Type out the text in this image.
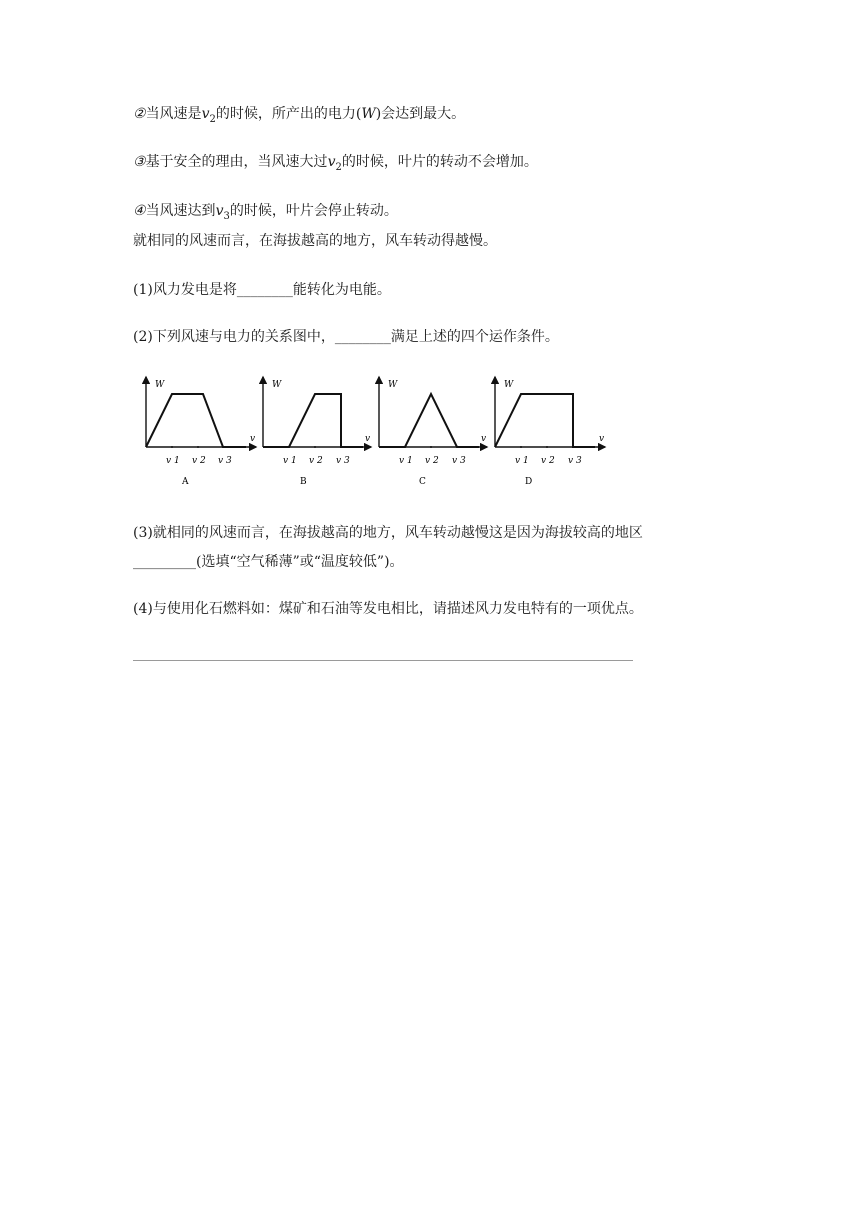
②当风速是$v_2$的时候，所产出的电力(W)会达到最大。
③基于安全的理由，当风速大过$v_2$的时候，叶片的转动不会增加。
④当风速达到$v_3$的时候，叶片会停止转动。
就相同的风速而言，在海拔越高的地方，风车转动得越慢。
(1)风力发电是将________能转化为电能。
(2)下列风速与电力的关系图中，________满足上述的四个运作条件。
W
v
v 1 v 2 v 3
A
W
v
v 1 v 2 v 3
B
W
v
v 1 v 2 v 3
C
W
v
v 1 v 2 v 3
D
(3)就相同的风速而言，在海拔越高的地方，风车转动越慢这是因为海拔较高的地区
_________(选填“空气稀薄”或“温度较低”)。
(4)与使用化石燃料如：煤矿和石油等发电相比，请描述风力发电特有的一项优点。
